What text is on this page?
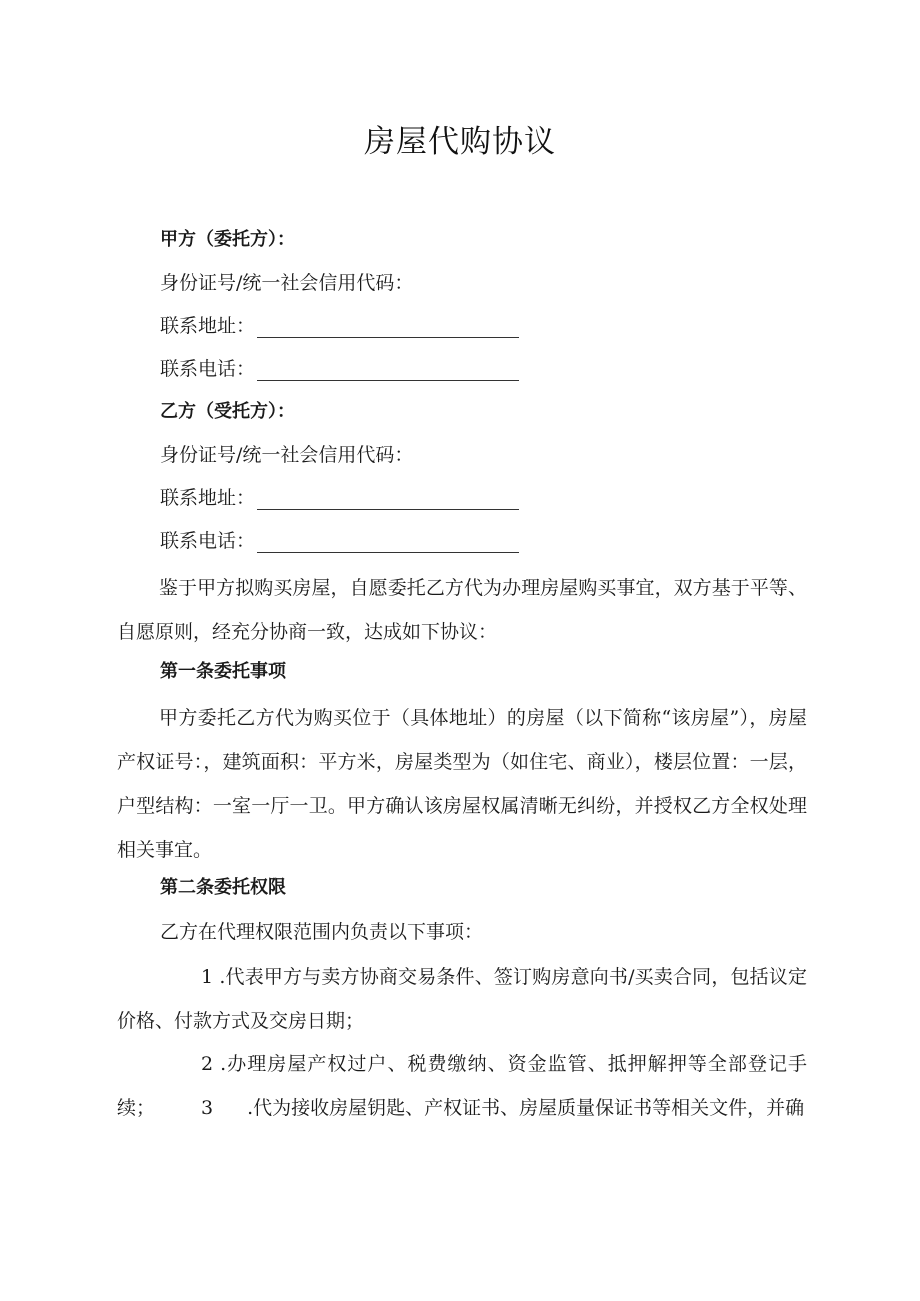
房屋代购协议
甲方（委托方）：
身份证号/统一社会信用代码：
联系地址：
联系电话：
乙方（受托方）：
身份证号/统一社会信用代码：
联系地址：
联系电话：

鉴于甲方拟购买房屋，自愿委托乙方代为办理房屋购买事宜，双方基于平等、自愿原则，经充分协商一致，达成如下协议：

第一条委托事项

甲方委托乙方代为购买位于（具体地址）的房屋（以下简称“该房屋”），房屋产权证号：，建筑面积：平方米，房屋类型为（如住宅、商业），楼层位置：一层，户型结构：一室一厅一卫。甲方确认该房屋权属清晰无纠纷，并授权乙方全权处理相关事宜。

第二条委托权限
乙方在代理权限范围内负责以下事项：

1 .代表甲方与卖方协商交易条件、签订购房意向书/买卖合同，包括议定价格、付款方式及交房日期；

2 .办理房屋产权过户、税费缴纳、资金监管、抵押解押等全部登记手续；	3 .代为接收房屋钥匙、产权证书、房屋质量保证书等相关文件，并确
